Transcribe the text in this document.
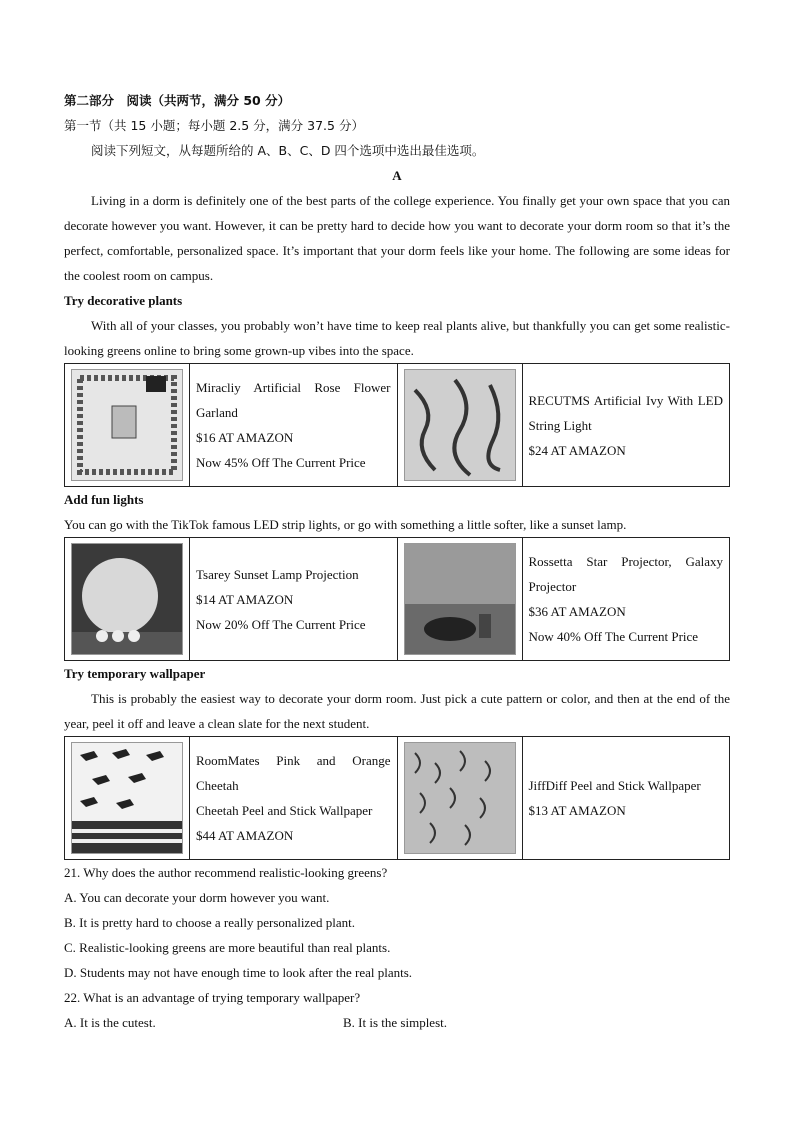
第二部分　阅读（共两节，满分 50 分）
第一节（共 15 小题；每小题 2.5 分，满分 37.5 分）
阅读下列短文，从每题所给的 A、B、C、D 四个选项中选出最佳选项。
A
Living in a dorm is definitely one of the best parts of the college experience. You finally get your own space that you can decorate however you want. However, it can be pretty hard to decide how you want to decorate your dorm room so that it’s the perfect, comfortable, personalized space. It’s important that your dorm feels like your home. The following are some ideas for the coolest room on campus.
Try decorative plants
With all of your classes, you probably won’t have time to keep real plants alive, but thankfully you can get some realistic-looking greens online to bring some grown-up vibes into the space.

Miracliy Artificial Rose Flower Garland
$16 AT AMAZON
Now 45% Off The Current Price

RECUTMS Artificial Ivy With LED String Light
$24 AT AMAZON
Add fun lights
You can go with the TikTok famous LED strip lights, or go with something a little softer, like a sunset lamp.

Tsarey Sunset Lamp Projection
$14 AT AMAZON
Now 20% Off The Current Price

Rossetta Star Projector, Galaxy Projector
$36 AT AMAZON
Now 40% Off The Current Price
Try temporary wallpaper
This is probably the easiest way to decorate your dorm room. Just pick a cute pattern or color, and then at the end of the year, peel it off and leave a clean slate for the next student.

RoomMates Pink and Orange Cheetah
Cheetah Peel and Stick Wallpaper
$44 AT AMAZON

JiffDiff Peel and Stick Wallpaper
$13 AT AMAZON
21. Why does the author recommend realistic-looking greens?
A. You can decorate your dorm however you want.
B. It is pretty hard to choose a really personalized plant.
C. Realistic-looking greens are more beautiful than real plants.
D. Students may not have enough time to look after the real plants.
22. What is an advantage of trying temporary wallpaper?
A. It is the cutest.	B. It is the simplest.
